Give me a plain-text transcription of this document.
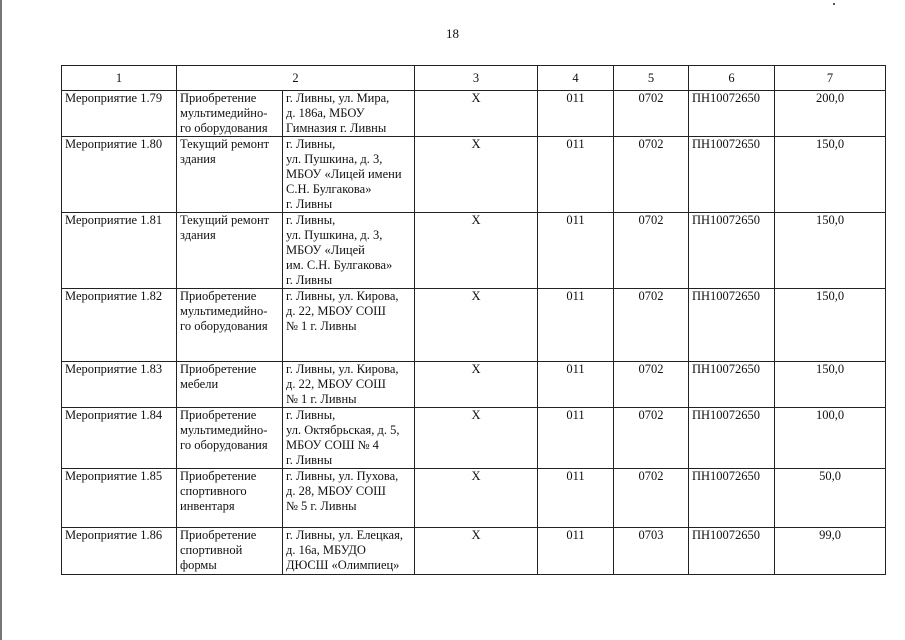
18
1	2		3	4	5	6	7
Мероприятие 1.79	Приобретение
мультимедийно-
го оборудования	г. Ливны, ул. Мира,
д. 186а, МБОУ
Гимназия г. Ливны	Х	011	0702	ПН10072650	200,0
Мероприятие 1.80	Текущий ремонт
здания	г. Ливны,
ул. Пушкина, д. 3,
МБОУ «Лицей имени
С.Н. Булгакова»
г. Ливны	Х	011	0702	ПН10072650	150,0
Мероприятие 1.81	Текущий ремонт
здания	г. Ливны,
ул. Пушкина, д. 3,
МБОУ «Лицей
им. С.Н. Булгакова»
г. Ливны	Х	011	0702	ПН10072650	150,0
Мероприятие 1.82	Приобретение
мультимедийно-
го оборудования	г. Ливны, ул. Кирова,
д. 22, МБОУ СОШ
№ 1 г. Ливны	Х	011	0702	ПН10072650	150,0
Мероприятие 1.83	Приобретение
мебели	г. Ливны, ул. Кирова,
д. 22, МБОУ СОШ
№ 1 г. Ливны	Х	011	0702	ПН10072650	150,0
Мероприятие 1.84	Приобретение
мультимедийно-
го оборудования	г. Ливны,
ул. Октябрьская, д. 5,
МБОУ СОШ № 4
г. Ливны	Х	011	0702	ПН10072650	100,0
Мероприятие 1.85	Приобретение
спортивного
инвентаря	г. Ливны, ул. Пухова,
д. 28, МБОУ СОШ
№ 5 г. Ливны	Х	011	0702	ПН10072650	50,0
Мероприятие 1.86	Приобретение
спортивной
формы	г. Ливны, ул. Елецкая,
д. 16а, МБУДО
ДЮСШ «Олимпиец»	Х	011	0703	ПН10072650	99,0
